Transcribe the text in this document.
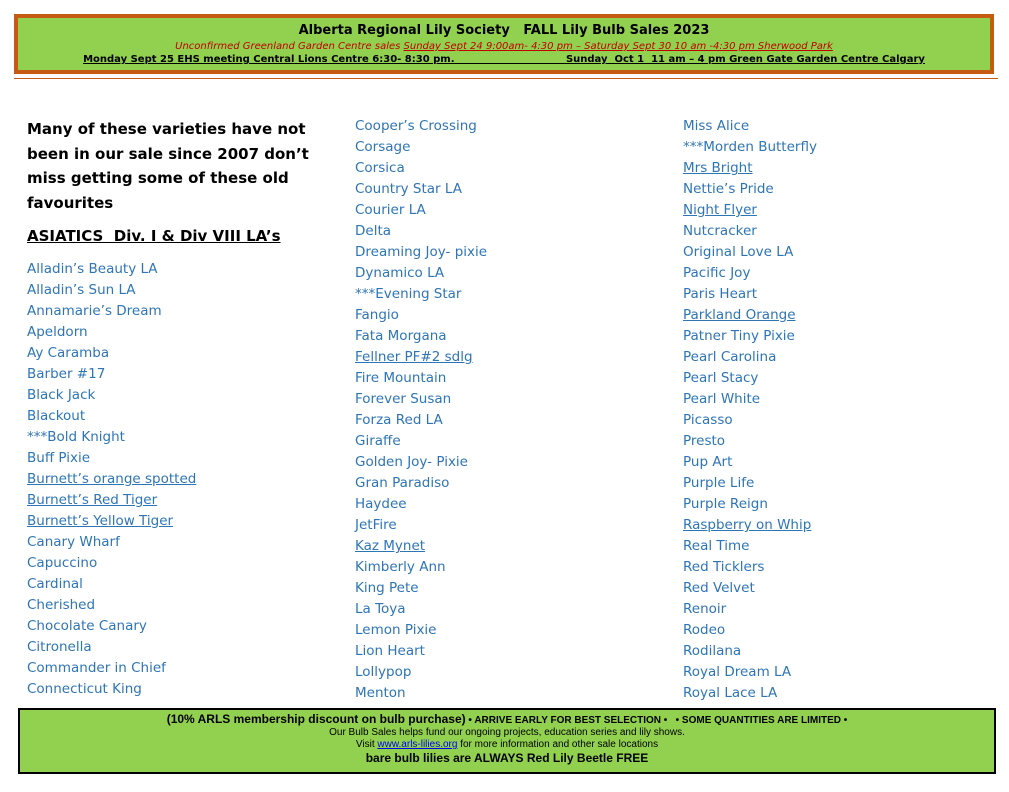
Alberta Regional Lily Society   FALL Lily Bulb Sales 2023
Unconfirmed Greenland Garden Centre sales Sunday Sept 24 9:00am- 4:30 pm – Saturday Sept 30 10 am -4:30 pm Sherwood Park
Monday Sept 25 EHS meeting Central Lions Centre 6:30- 8:30 pm.	Sunday  Oct 1  11 am – 4 pm Green Gate Garden Centre Calgary
Many of these varieties have not been in our sale since 2007 don’t miss getting some of these old favourites
ASIATICS  Div. I & Div VIII LA’s
Alladin’s Beauty LA
Alladin’s Sun LA
Annamarie’s Dream
Apeldorn
Ay Caramba
Barber #17
Black Jack
Blackout
***Bold Knight
Buff Pixie
Burnett’s orange spotted
Burnett’s Red Tiger
Burnett’s Yellow Tiger
Canary Wharf
Capuccino
Cardinal
Cherished
Chocolate Canary
Citronella
Commander in Chief
Connecticut King
Cooper’s Crossing
Corsage
Corsica
Country Star LA
Courier LA
Delta
Dreaming Joy- pixie
Dynamico LA
***Evening Star
Fangio
Fata Morgana
Fellner PF#2 sdlg
Fire Mountain
Forever Susan
Forza Red LA
Giraffe
Golden Joy- Pixie
Gran Paradiso
Haydee
JetFire
Kaz Mynet
Kimberly Ann
King Pete
La Toya
Lemon Pixie
Lion Heart
Lollypop
Menton
Miss Alice
***Morden Butterfly
Mrs Bright
Nettie’s Pride
Night Flyer
Nutcracker
Original Love LA
Pacific Joy
Paris Heart
Parkland Orange
Patner Tiny Pixie
Pearl Carolina
Pearl Stacy
Pearl White
Picasso
Presto
Pup Art
Purple Life
Purple Reign
Raspberry on Whip
Real Time
Red Ticklers
Red Velvet
Renoir
Rodeo
Rodilana
Royal Dream LA
Royal Lace LA
(10% ARLS membership discount on bulb purchase) • ARRIVE EARLY FOR BEST SELECTION •   • SOME QUANTITIES ARE LIMITED •
Our Bulb Sales helps fund our ongoing projects, education series and lily shows.
Visit www.arls-lilies.org for more information and other sale locations
bare bulb lilies are ALWAYS Red Lily Beetle FREE
